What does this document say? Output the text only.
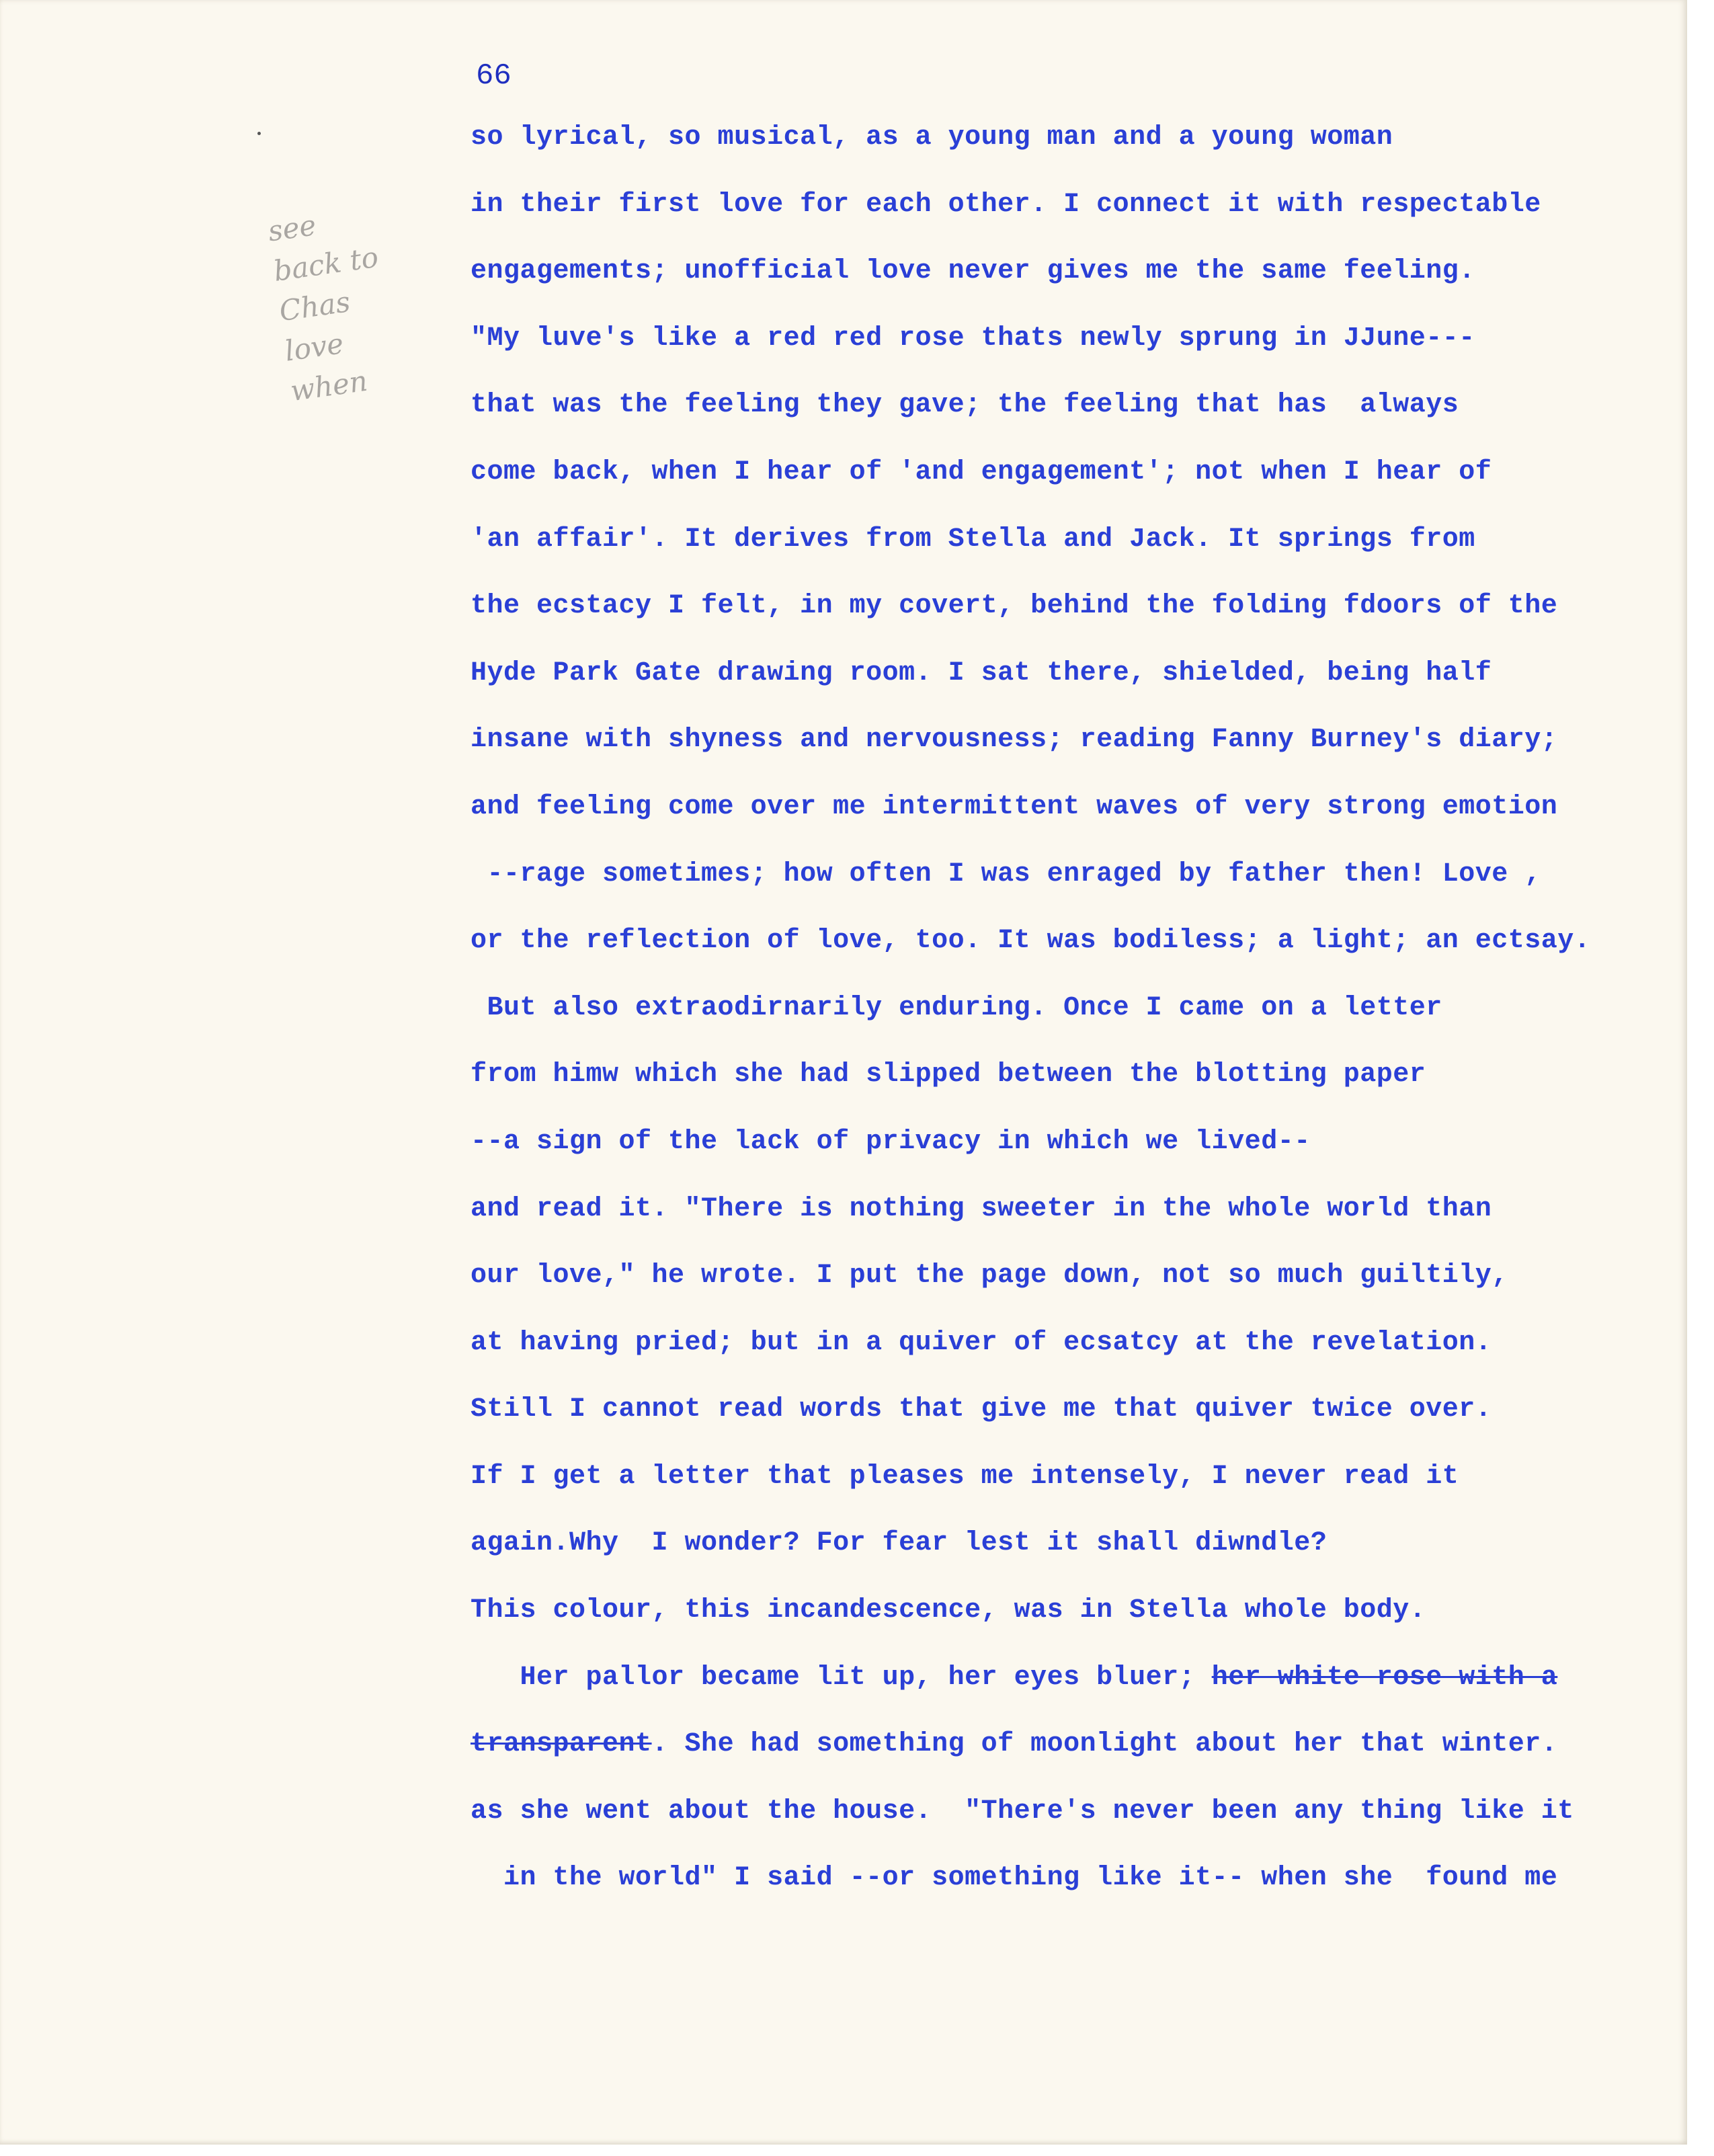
66
see
back to
Chas
love
when
so lyrical, so musical, as a young man and a young woman
in their first love for each other. I connect it with respectable
engagements; unofficial love never gives me the same feeling.
"My luve's like a red red rose thats newly sprung in JJune---
that was the feeling they gave; the feeling that has  always
come back, when I hear of 'and engagement'; not when I hear of
'an affair'. It derives from Stella and Jack. It springs from
the ecstacy I felt, in my covert, behind the folding fdoors of the
Hyde Park Gate drawing room. I sat there, shielded, being half
insane with shyness and nervousness; reading Fanny Burney's diary;
and feeling come over me intermittent waves of very strong emotion
--rage sometimes; how often I was enraged by father then! Love ,
or the reflection of love, too. It was bodiless; a light; an ectsay.
But also extraodirnarily enduring. Once I came on a letter
from himw which she had slipped between the blotting paper
--a sign of the lack of privacy in which we lived--
and read it. "There is nothing sweeter in the whole world than
our love," he wrote. I put the page down, not so much guiltily,
at having pried; but in a quiver of ecsatcy at the revelation.
Still I cannot read words that give me that quiver twice over.
If I get a letter that pleases me intensely, I never read it
again.Why  I wonder? For fear lest it shall diwndle?
This colour, this incandescence, was in Stella whole body.
Her pallor became lit up, her eyes bluer; her white rose with a
transparent. She had something of moonlight about her that winter.
as she went about the house.  "There's never been any thing like it
in the world" I said --or something like it-- when she  found me
